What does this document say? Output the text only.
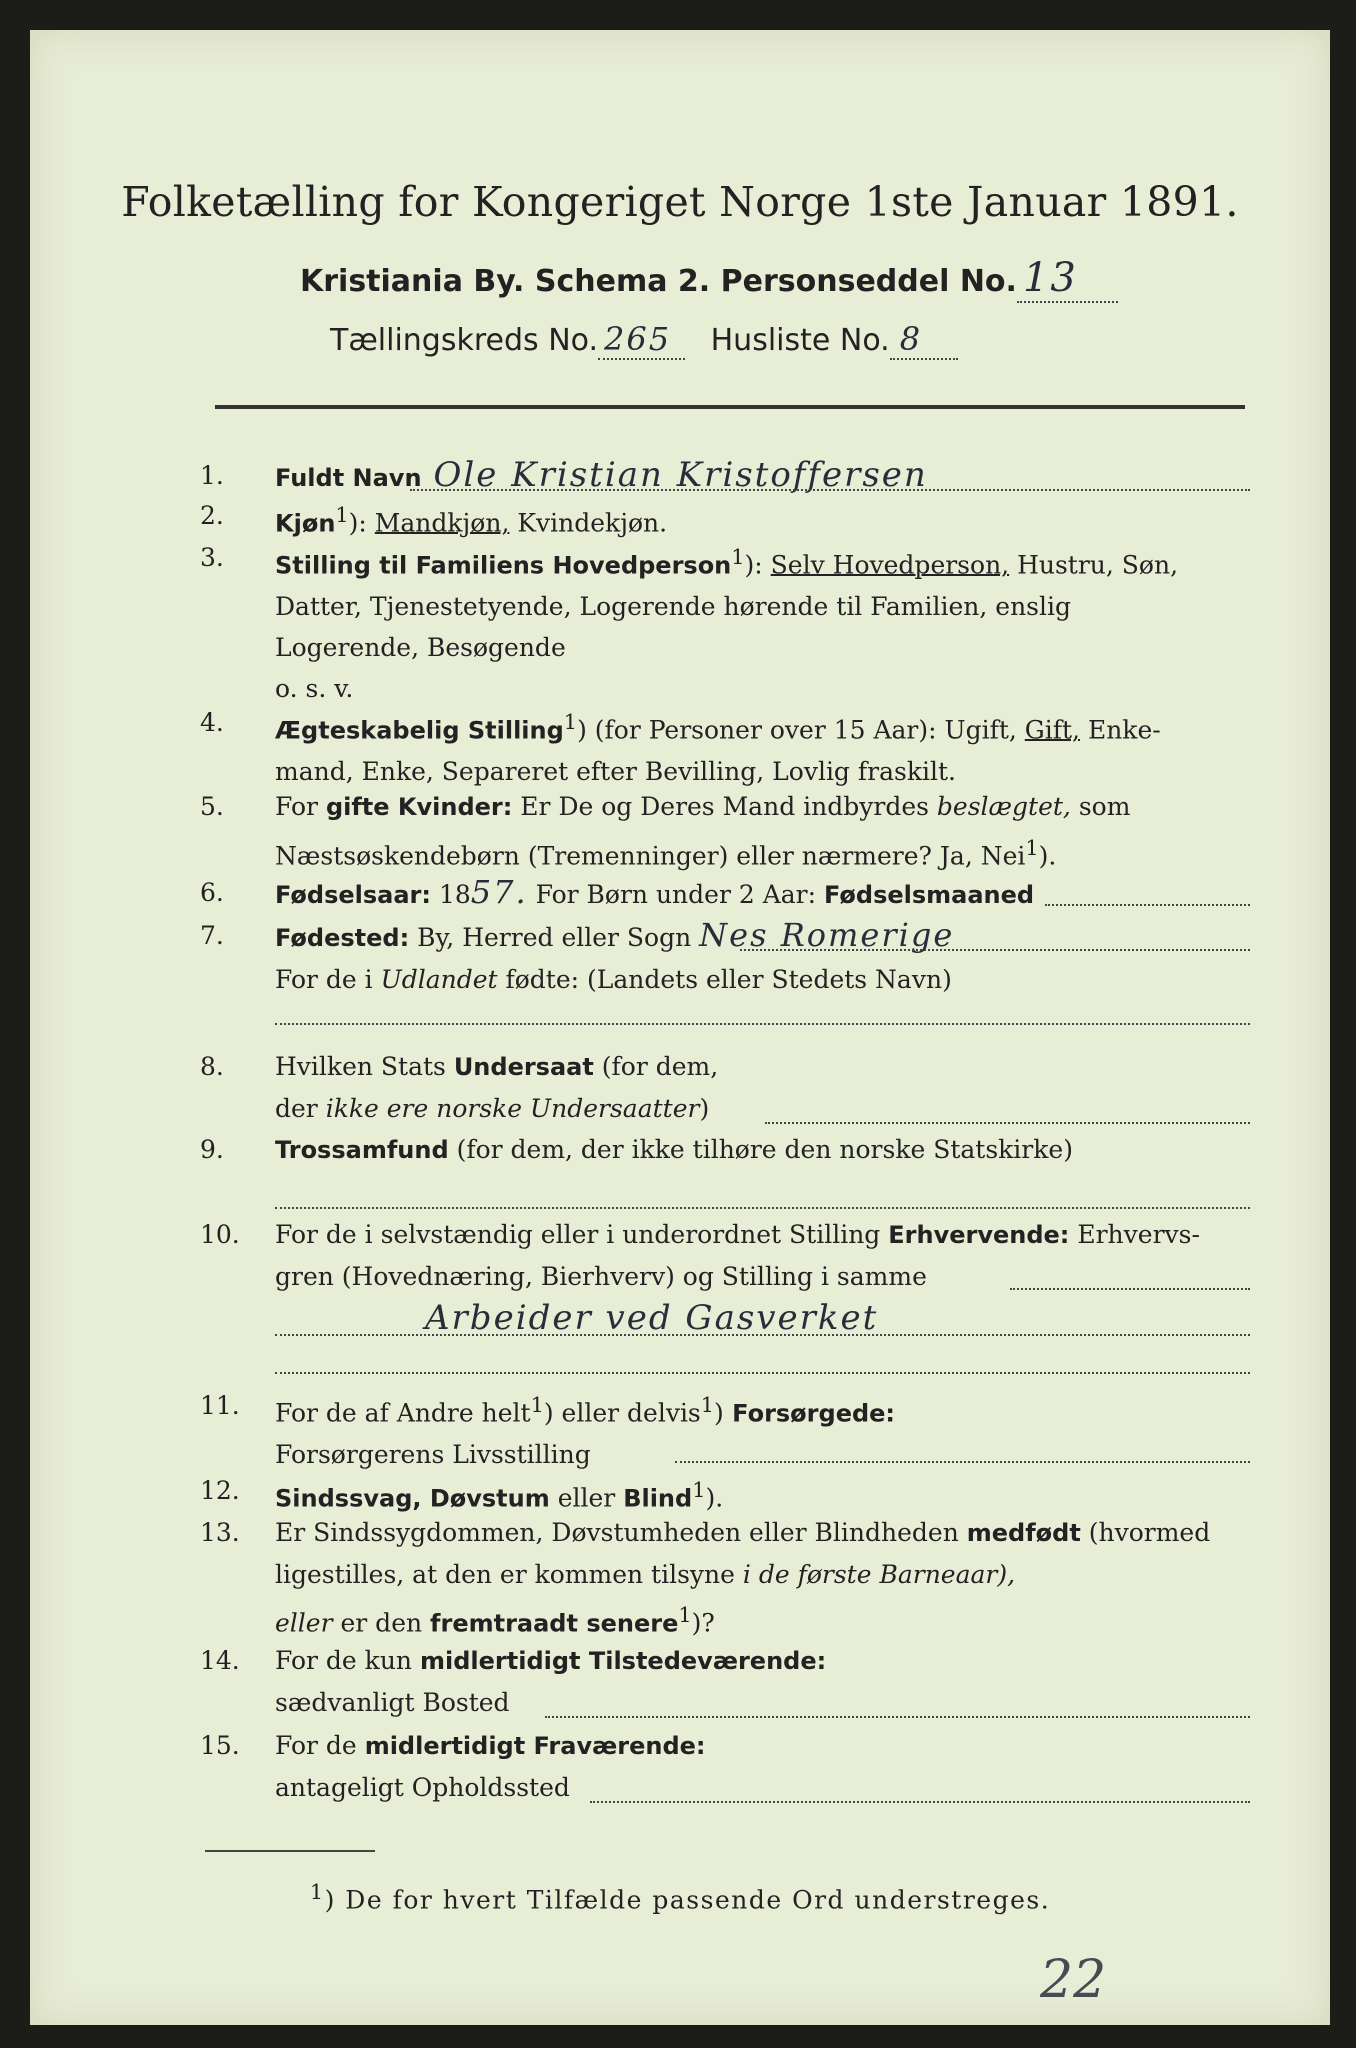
Folketælling for Kongeriget Norge 1ste Januar 1891.
Kristiania By. Schema 2. Personseddel No. 13
Tællingskreds No. 265 Husliste No. 8
1.	Fuldt Navn Ole Kristian Kristoffersen
2.	Kjøn$^1$): Mandkjøn, Kvindekjøn.
3.	Stilling til Familiens Hovedperson$^1$): Selv Hovedperson, Hustru, Søn,
Datter, Tjenestetyende, Logerende hørende til Familien, enslig
Logerende, Besøgende
o. s. v.
4.	Ægteskabelig Stilling$^1$) (for Personer over 15 Aar): Ugift, Gift, Enke-
mand, Enke, Separeret efter Bevilling, Lovlig fraskilt.
5.	For gifte Kvinder: Er De og Deres Mand indbyrdes beslægtet, som
Næstsøskendebørn (Tremenninger) eller nærmere? Ja, Nei$^1$).
6.	Fødselsaar: 1857. For Børn under 2 Aar: Fødselsmaaned
7.	Fødested: By, Herred eller Sogn Nes Romerige
For de i Udlandet fødte: (Landets eller Stedets Navn)
8.	Hvilken Stats Undersaat (for dem,
der ikke ere norske Undersaatter)
9.	Trossamfund (for dem, der ikke tilhøre den norske Statskirke)
10.	For de i selvstændig eller i underordnet Stilling Erhvervende: Erhvervs-
gren (Hovednæring, Bierhverv) og Stilling i samme
Arbeider ved Gasverket
11.	For de af Andre helt$^1$) eller delvis$^1$) Forsørgede:
Forsørgerens Livsstilling
12.	Sindssvag, Døvstum eller Blind$^1$).
13.	Er Sindssygdommen, Døvstumheden eller Blindheden medfødt (hvormed
ligestilles, at den er kommen tilsyne i de første Barneaar),
eller er den fremtraadt senere$^1$)?
14.	For de kun midlertidigt Tilstedeværende:
sædvanligt Bosted
15.	For de midlertidigt Fraværende:
antageligt Opholdssted
$^1$) De for hvert Tilfælde passende Ord understreges.
22
